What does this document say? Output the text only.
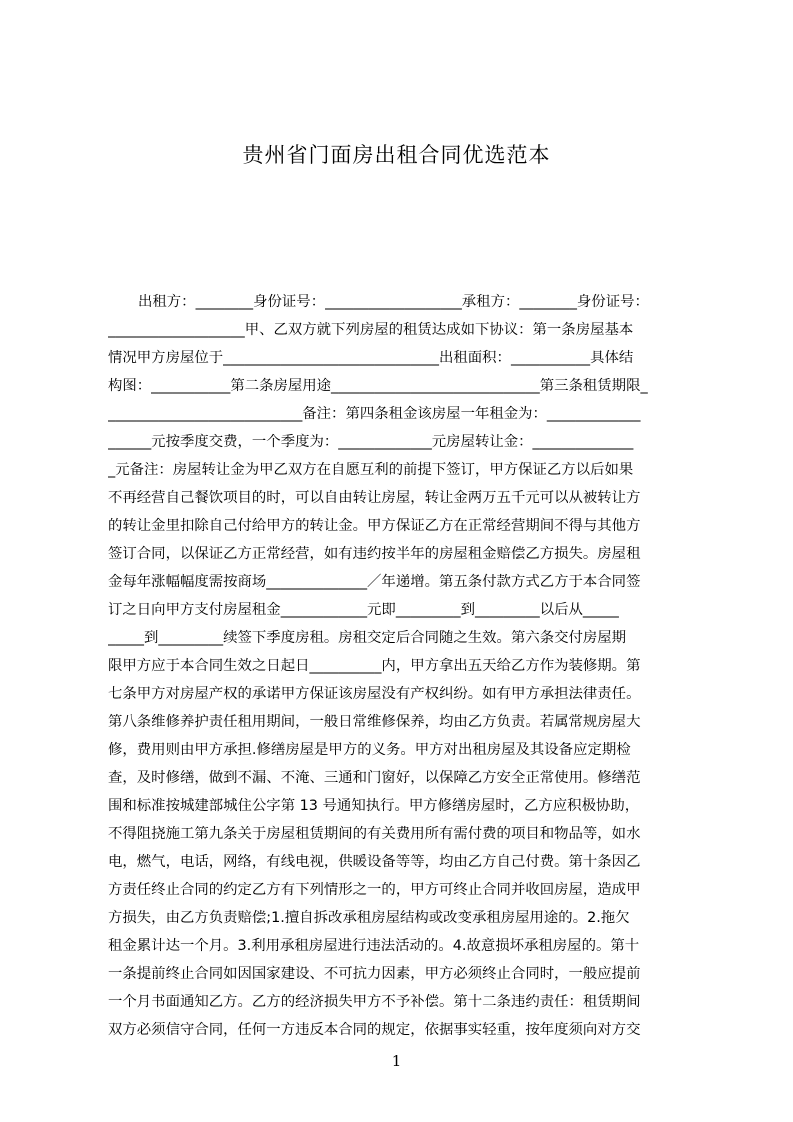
贵州省门面房出租合同优选范本
出租方：________身份证号：___________________承租方：________身份证号：
___________________甲、乙双方就下列房屋的租赁达成如下协议：第一条房屋基本
情况甲方房屋位于______________________________出租面积：___________具体结
构图：___________第二条房屋用途_____________________________第三条租赁期限_
___________________________备注：第四条租金该房屋一年租金为：_____________
______元按季度交费，一个季度为：_____________元房屋转让金：______________
_元备注：房屋转让金为甲乙双方在自愿互利的前提下签订，甲方保证乙方以后如果
不再经营自己餐饮项目的时，可以自由转让房屋，转让金两万五千元可以从被转让方
的转让金里扣除自己付给甲方的转让金。甲方保证乙方在正常经营期间不得与其他方
签订合同，以保证乙方正常经营，如有违约按半年的房屋租金赔偿乙方损失。房屋租
金每年涨幅幅度需按商场______________／年递增。第五条付款方式乙方于本合同签
订之日向甲方支付房屋租金____________元即_________到_________以后从_____
_____到_________续签下季度房租。房租交定后合同随之生效。第六条交付房屋期
限甲方应于本合同生效之日起日__________内，甲方拿出五天给乙方作为装修期。第
七条甲方对房屋产权的承诺甲方保证该房屋没有产权纠纷。如有甲方承担法律责任。
第八条维修养护责任租用期间，一般日常维修保养，均由乙方负责。若属常规房屋大
修，费用则由甲方承担.修缮房屋是甲方的义务。甲方对出租房屋及其设备应定期检
查，及时修缮，做到不漏、不淹、三通和门窗好，以保障乙方安全正常使用。修缮范
围和标准按城建部城住公字第 13 号通知执行。甲方修缮房屋时，乙方应积极协助，
不得阻挠施工第九条关于房屋租赁期间的有关费用所有需付费的项目和物品等，如水
电，燃气，电话，网络，有线电视，供暖设备等等，均由乙方自己付费。第十条因乙
方责任终止合同的约定乙方有下列情形之一的，甲方可终止合同并收回房屋，造成甲
方损失，由乙方负责赔偿;1.擅自拆改承租房屋结构或改变承租房屋用途的。2.拖欠
租金累计达一个月。3.利用承租房屋进行违法活动的。4.故意损坏承租房屋的。第十
一条提前终止合同如因国家建设、不可抗力因素，甲方必须终止合同时，一般应提前
一个月书面通知乙方。乙方的经济损失甲方不予补偿。第十二条违约责任：租赁期间
双方必须信守合同，任何一方违反本合同的规定，依据事实轻重，按年度须向对方交
1
